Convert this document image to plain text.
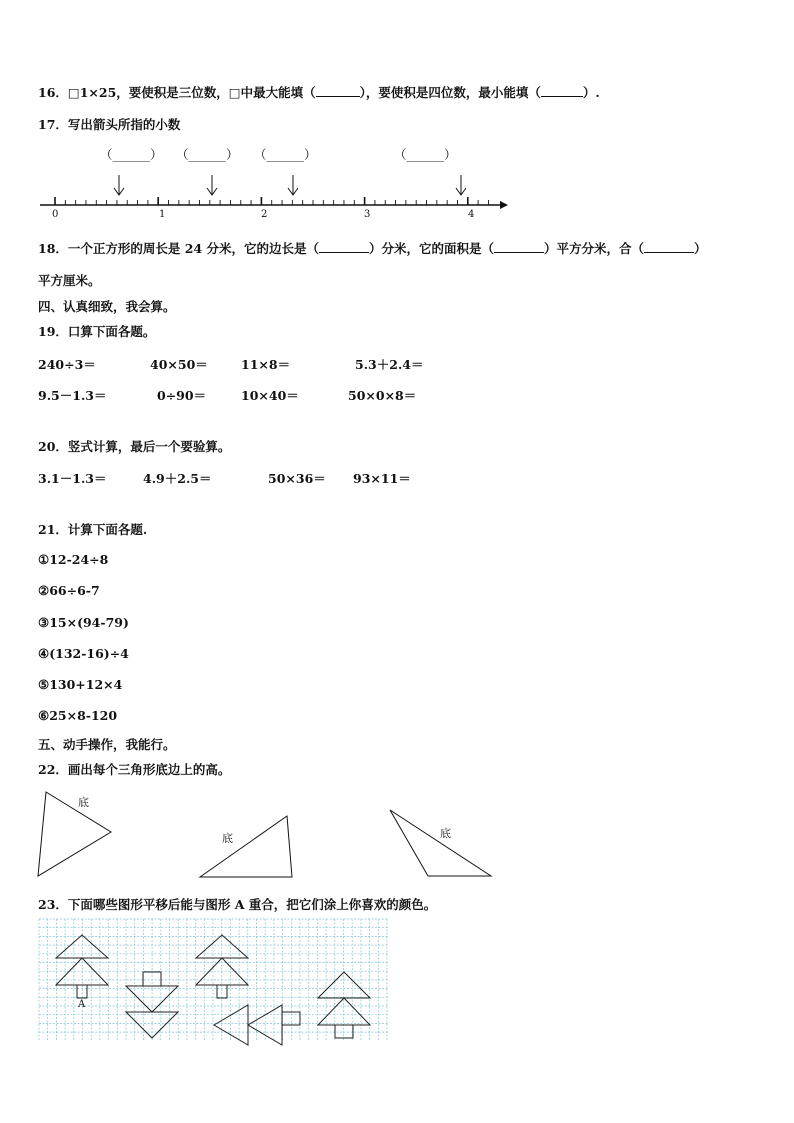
16．□1×25，要使积是三位数，□中最大能填（	），要使积是四位数，最小能填（	）.
17．写出箭头所指的小数
（______） （______） （______）	（______）
0	1	2	3	4
18．一个正方形的周长是 24 分米，它的边长是（	）分米，它的面积是（	）平方分米，合（	）
平方厘米。
四、认真细致，我会算。
19．口算下面各题。
240÷3＝	40×50＝	11×8＝	5.3＋2.4＝
9.5－1.3＝	0÷90＝	10×40＝	50×0×8＝
20．竖式计算，最后一个要验算。
3.1－1.3＝	4.9＋2.5＝	50×36＝ 93×11＝
21．计算下面各题.
①12-24÷8
②66÷6-7
③15×(94-79)
④(132-16)÷4
⑤130+12×4
⑥25×8-120
五、动手操作，我能行。
22．画出每个三角形底边上的高。
底
底	底
23．下面哪些图形平移后能与图形 A 重合，把它们涂上你喜欢的颜色。
A
